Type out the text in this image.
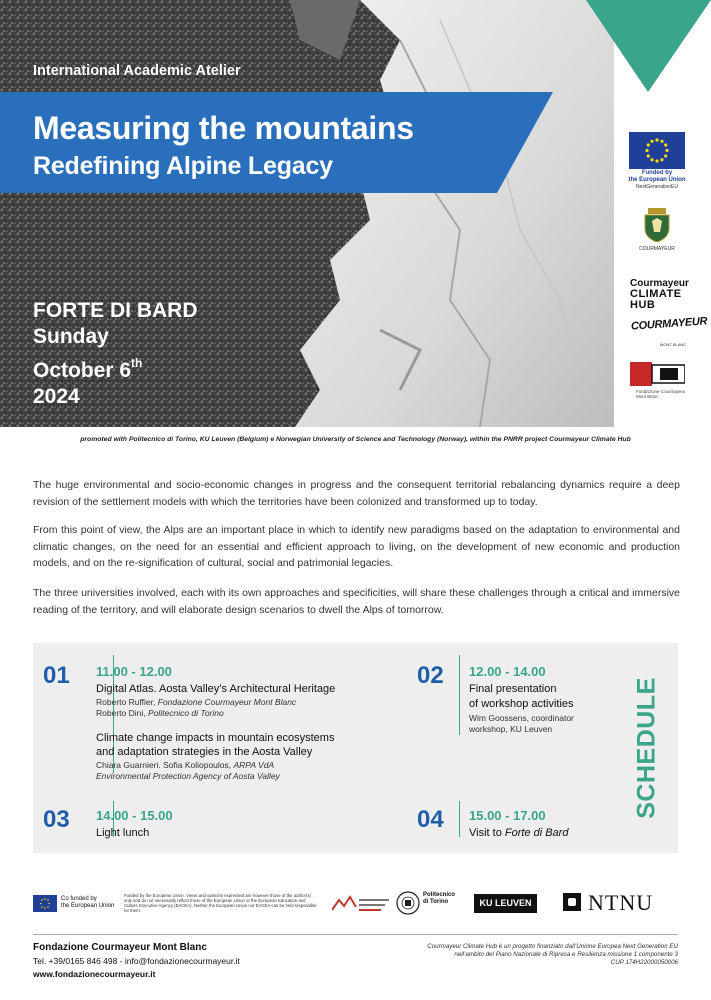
International Academic Atelier
Measuring the mountains
Redefining Alpine Legacy
FORTE DI BARD
Sunday
October 6th
2024
Funded by
the European Union
NextGenerationEU
COURMAYEUR
Courmayeur
CLIMATE
HUB
COURMAYEUR
MONT BLANC
Fondazione Courmayeur Mont Blanc
promoted with Politecnico di Torino, KU Leuven (Belgium) e Norwegian University of Science and Technology (Norway), within the PNRR project Courmayeur Climate Hub

The huge environmental and socio-economic changes in progress and the consequent territorial rebalancing dynamics require a deep revision of the settlement models with which the territories have been colonized and transformed up to today.

From this point of view, the Alps are an important place in which to identify new paradigms based on the adaptation to environmental and climatic changes, on the need for an essential and efficient approach to living, on the development of new economic and production models, and on the re-signification of cultural, social and patrimonial legacies.

The three universities involved, each with its own approaches and specificities, will share these challenges through a critical and immersive reading of the territory, and will elaborate design scenarios to dwell the Alps of tomorrow.

01 11.00 - 12.00
Digital Atlas. Aosta Valley’s Architectural Heritage
Roberto Ruffier, Fondazione Courmayeur Mont Blanc
Roberto Dini, Politecnico di Torino
Climate change impacts in mountain ecosystems
and adaptation strategies in the Aosta Valley
Chiara Guarnieri. Sofia Koliopoulos, ARPA VdA
Environmental Protection Agency of Aosta Valley
02 12.00 - 14.00
Final presentation
of workshop activities
Wim Goossens, coordinator
workshop, KU Leuven
03 14.00 - 15.00
Light lunch	04 15.00 - 17.00
Visit to Forte di Bard
SCHEDULE
Co funded by
the European Union
Funded by the European Union. Views and opinions expressed are however those of the author(s) only and do not necessarily reflect those of the European Union or the European Education and Culture Executive Agency (EACEA). Neither the European Union nor EACEA can be held responsible for them.
Politecnico
di Torino	KU LEUVEN	NTNU
Fondazione Courmayeur Mont Blanc
Tel. +39/0165 846 498 - info@fondazionecourmayeur.it
www.fondazionecourmayeur.it
Courmayeur Climate Hub è un progetto finanziato dall’Unione Europea Next Generation EU
nell’ambito del Piano Nazionale di Ripresa e Resilienza missione 1 componente 3
CUP 174H22000050006
